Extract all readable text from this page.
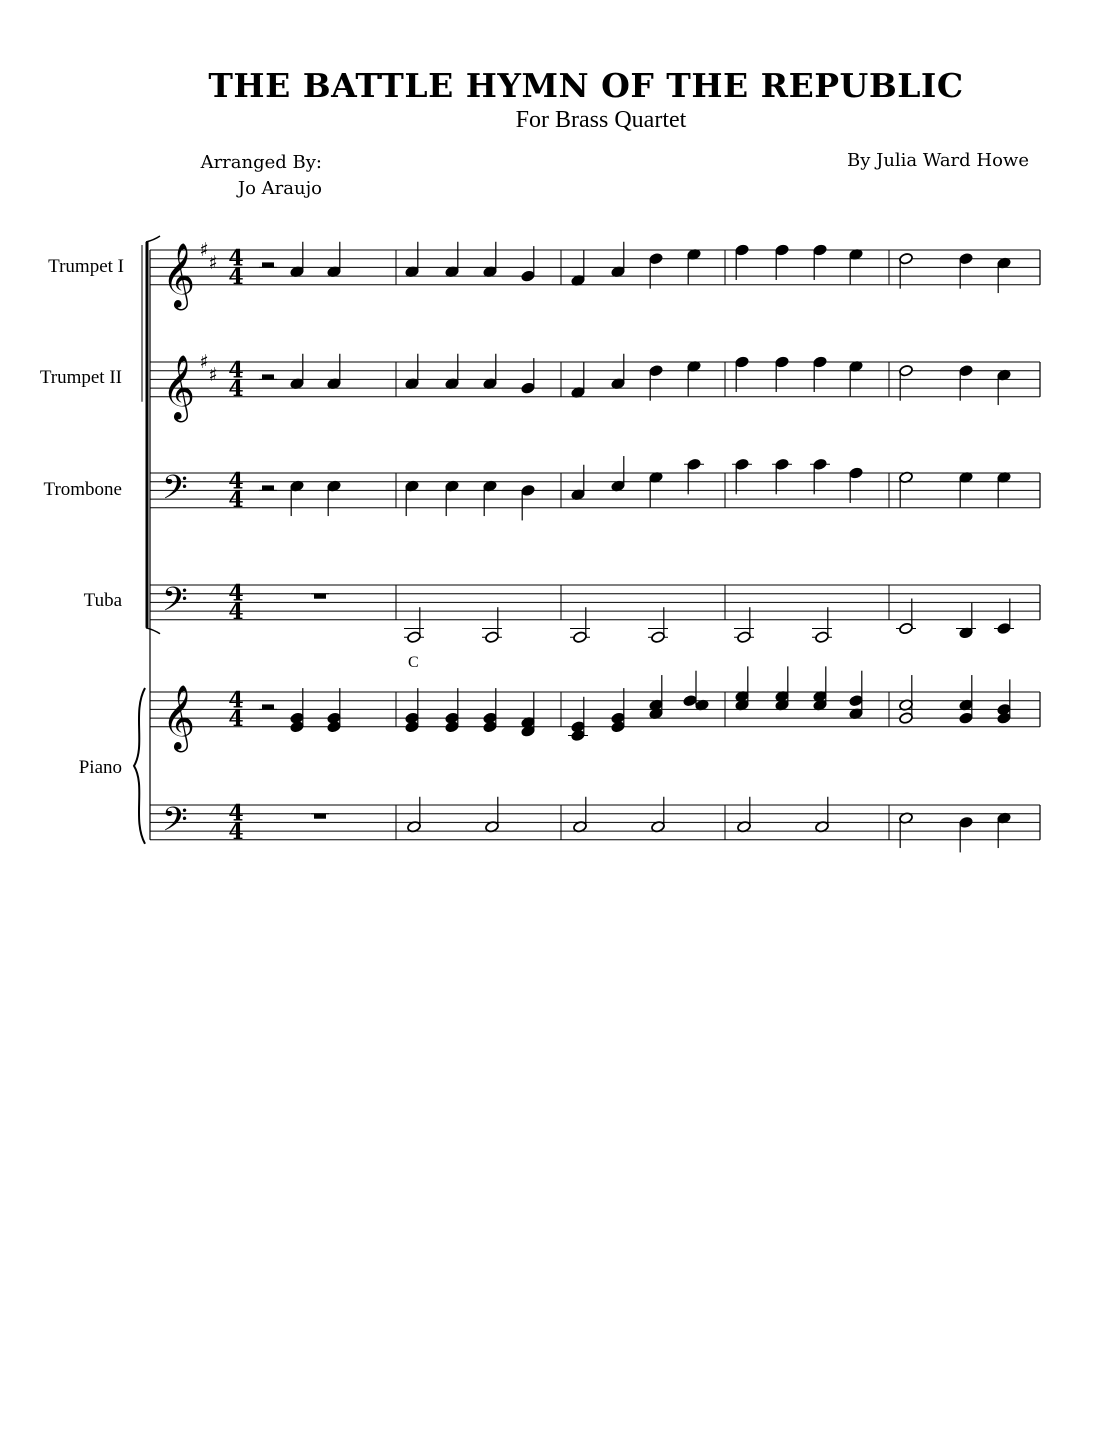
THE BATTLE HYMN OF THE REPUBLIC
For Brass Quartet
Arranged By:
Jo Araujo
By Julia Ward Howe
𝄞 ♯
♯ 4
4
𝄞 ♯
♯ 4
4
𝄢 4
4
𝄢 4
4
𝄞 4
4
𝄢 4
4
Trumpet I
Trumpet II
Trombone
Tuba
Piano
C
